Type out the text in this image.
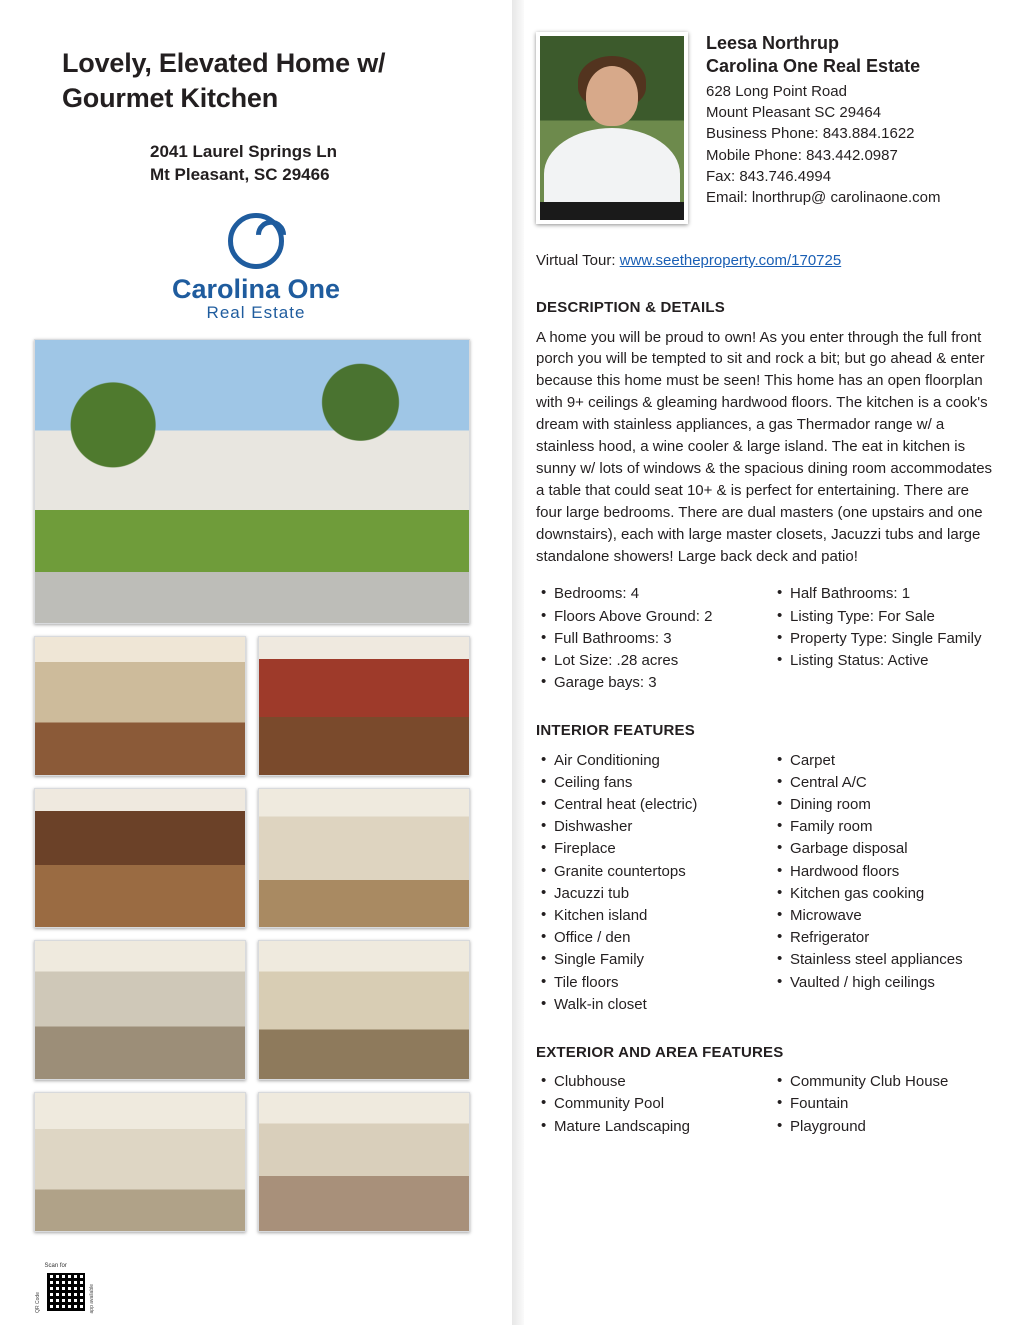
Lovely, Elevated Home w/ Gourmet Kitchen
2041 Laurel Springs Ln
Mt Pleasant, SC 29466
Carolina One
Real Estate
QR Code
Scan for
app available
Leesa Northrup
Carolina One Real Estate
628 Long Point Road
Mount Pleasant SC 29464
Business Phone: 843.884.1622
Mobile Phone: 843.442.0987
Fax: 843.746.4994
Email: lnorthrup@ carolinaone.com
Virtual Tour: www.seetheproperty.com/170725
DESCRIPTION & DETAILS
A home you will be proud to own! As you enter through the full front porch you will be tempted to sit and rock a bit; but go ahead & enter because this home must be seen! This home has an open floorplan with 9+ ceilings & gleaming hardwood floors. The kitchen is a cook's dream with stainless appliances, a gas Thermador range w/ a stainless hood, a wine cooler & large island. The eat in kitchen is sunny w/ lots of windows & the spacious dining room accommodates a table that could seat 10+ & is perfect for entertaining. There are four large bedrooms. There are dual masters (one upstairs and one downstairs), each with large master closets, Jacuzzi tubs and large standalone showers! Large back deck and patio!
• Bedrooms: 4
• Floors Above Ground: 2
• Full Bathrooms: 3
• Lot Size: .28 acres
• Garage bays: 3
• Half Bathrooms: 1
• Listing Type: For Sale
• Property Type: Single Family
• Listing Status: Active
INTERIOR FEATURES
• Air Conditioning
• Ceiling fans
• Central heat (electric)
• Dishwasher
• Fireplace
• Granite countertops
• Jacuzzi tub
• Kitchen island
• Office / den
• Single Family
• Tile floors
• Walk-in closet
• Carpet
• Central A/C
• Dining room
• Family room
• Garbage disposal
• Hardwood floors
• Kitchen gas cooking
• Microwave
• Refrigerator
• Stainless steel appliances
• Vaulted / high ceilings
EXTERIOR AND AREA FEATURES
• Clubhouse
• Community Pool
• Mature Landscaping
• Community Club House
• Fountain
• Playground
